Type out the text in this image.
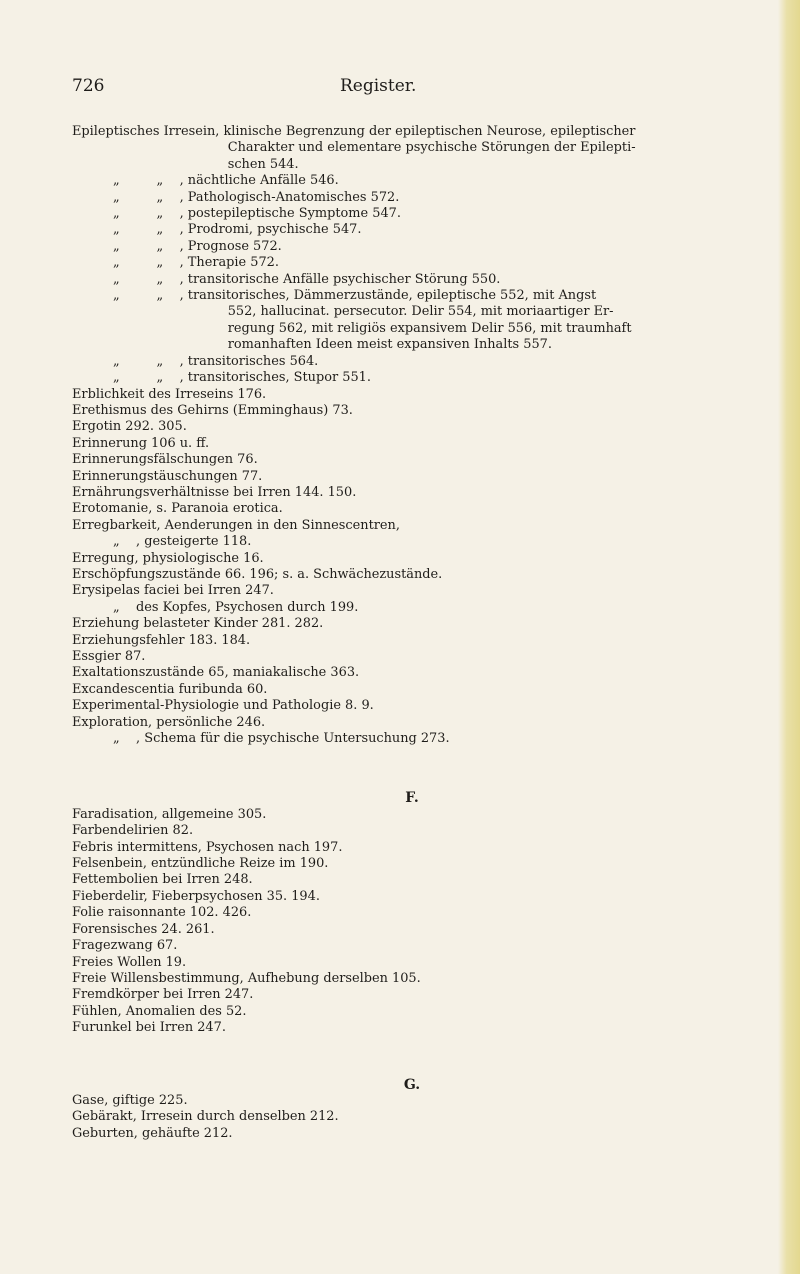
726	Register.
Epileptisches Irresein, klinische Begrenzung der epileptischen Neurose, epileptischer
Charakter und elementare psychische Störungen der Epilepti-
schen 544.
„         „    , nächtliche Anfälle 546.
„         „    , Pathologisch-Anatomisches 572.
„         „    , postepileptische Symptome 547.
„         „    , Prodromi, psychische 547.
„         „    , Prognose 572.
„         „    , Therapie 572.
„         „    , transitorische Anfälle psychischer Störung 550.
„         „    , transitorisches, Dämmerzustände, epileptische 552, mit Angst
552, hallucinat. persecutor. Delir 554, mit moriaartiger Er-
regung 562, mit religiös expansivem Delir 556, mit traumhaft
romanhaften Ideen meist expansiven Inhalts 557.
„         „    , transitorisches 564.
„         „    , transitorisches, Stupor 551.
Erblichkeit des Irreseins 176.
Erethismus des Gehirns (Emminghaus) 73.
Ergotin 292. 305.
Erinnerung 106 u. ff.
Erinnerungsfälschungen 76.
Erinnerungstäuschungen 77.
Ernährungsverhältnisse bei Irren 144. 150.
Erotomanie, s. Paranoia erotica.
Erregbarkeit, Aenderungen in den Sinnescentren,
„    , gesteigerte 118.
Erregung, physiologische 16.
Erschöpfungszustände 66. 196; s. a. Schwächezustände.
Erysipelas faciei bei Irren 247.
„    des Kopfes, Psychosen durch 199.
Erziehung belasteter Kinder 281. 282.
Erziehungsfehler 183. 184.
Essgier 87.
Exaltationszustände 65, maniakalische 363.
Excandescentia furibunda 60.
Experimental-Physiologie und Pathologie 8. 9.
Exploration, persönliche 246.
„    , Schema für die psychische Untersuchung 273.
F.
Faradisation, allgemeine 305.
Farbendelirien 82.
Febris intermittens, Psychosen nach 197.
Felsenbein, entzündliche Reize im 190.
Fettembolien bei Irren 248.
Fieberdelir, Fieberpsychosen 35. 194.
Folie raisonnante 102. 426.
Forensisches 24. 261.
Fragezwang 67.
Freies Wollen 19.
Freie Willensbestimmung, Aufhebung derselben 105.
Fremdkörper bei Irren 247.
Fühlen, Anomalien des 52.
Furunkel bei Irren 247.
G.
Gase, giftige 225.
Gebärakt, Irresein durch denselben 212.
Geburten, gehäufte 212.
